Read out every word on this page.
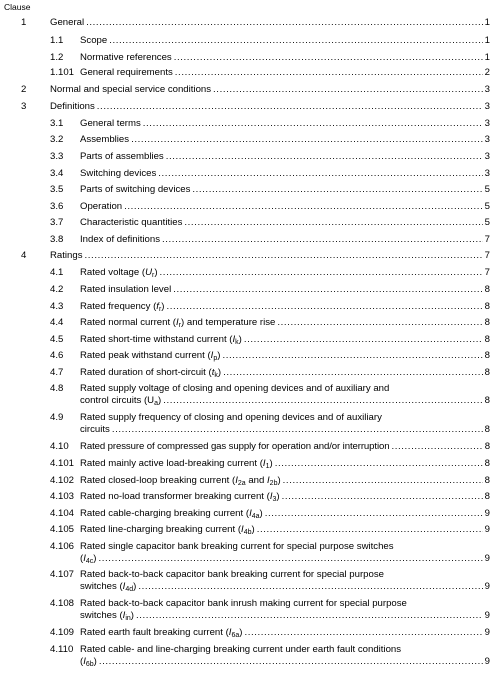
Clause
1 General .....	1
1.1 Scope .....	1
1.2 Normative references .....	1
1.101 General requirements .....	2
2 Normal and special service conditions .....	3
3 Definitions .....	3
3.1 General terms .....	3
3.2 Assemblies .....	3
3.3 Parts of assemblies .....	3
3.4 Switching devices .....	3
3.5 Parts of switching devices .....	5
3.6 Operation .....	5
3.7 Characteristic quantities .....	5
3.8 Index of definitions .....	7
4 Ratings .....	7
4.1 Rated voltage $(U_r)$ .....	7
4.2 Rated insulation level .....	8
4.3 Rated frequency $(f_r)$ .....	8
4.4 Rated normal current $(I_r)$ and temperature rise .....	8
4.5 Rated short-time withstand current $(I_k)$ .....	8
4.6 Rated peak withstand current $(I_p)$ .....	8
4.7 Rated duration of short-circuit $(t_k)$ .....	8
4.8 Rated supply voltage of closing and opening devices and of auxiliary and
control circuits $(U_a)$ .....	8
4.9 Rated supply frequency of closing and opening devices and of auxiliary
circuits .....	8
4.10 Rated pressure of compressed gas supply for operation and/or interruption .....	8
4.101 Rated mainly active load-breaking current $(I_1)$ .....	8
4.102 Rated closed-loop breaking current ($I_{2a}$ and $I_{2b}$) .....	8
4.103 Rated no-load transformer breaking current $(I_3)$ .....	8
4.104 Rated cable-charging breaking current $(I_{4a})$ .....	9
4.105 Rated line-charging breaking current $(I_{4b})$ .....	9
4.106 Rated single capacitor bank breaking current for special purpose switches
$(I_{4c})$ .....	9
4.107 Rated back-to-back capacitor bank breaking current for special purpose
switches $(I_{4d})$ .....	9
4.108 Rated back-to-back capacitor bank inrush making current for special purpose
switches $(I_{in})$ .....	9
4.109 Rated earth fault breaking current $(I_{6a})$ .....	9
4.110 Rated cable- and line-charging breaking current under earth fault conditions
$(I_{6b})$ .....	9
